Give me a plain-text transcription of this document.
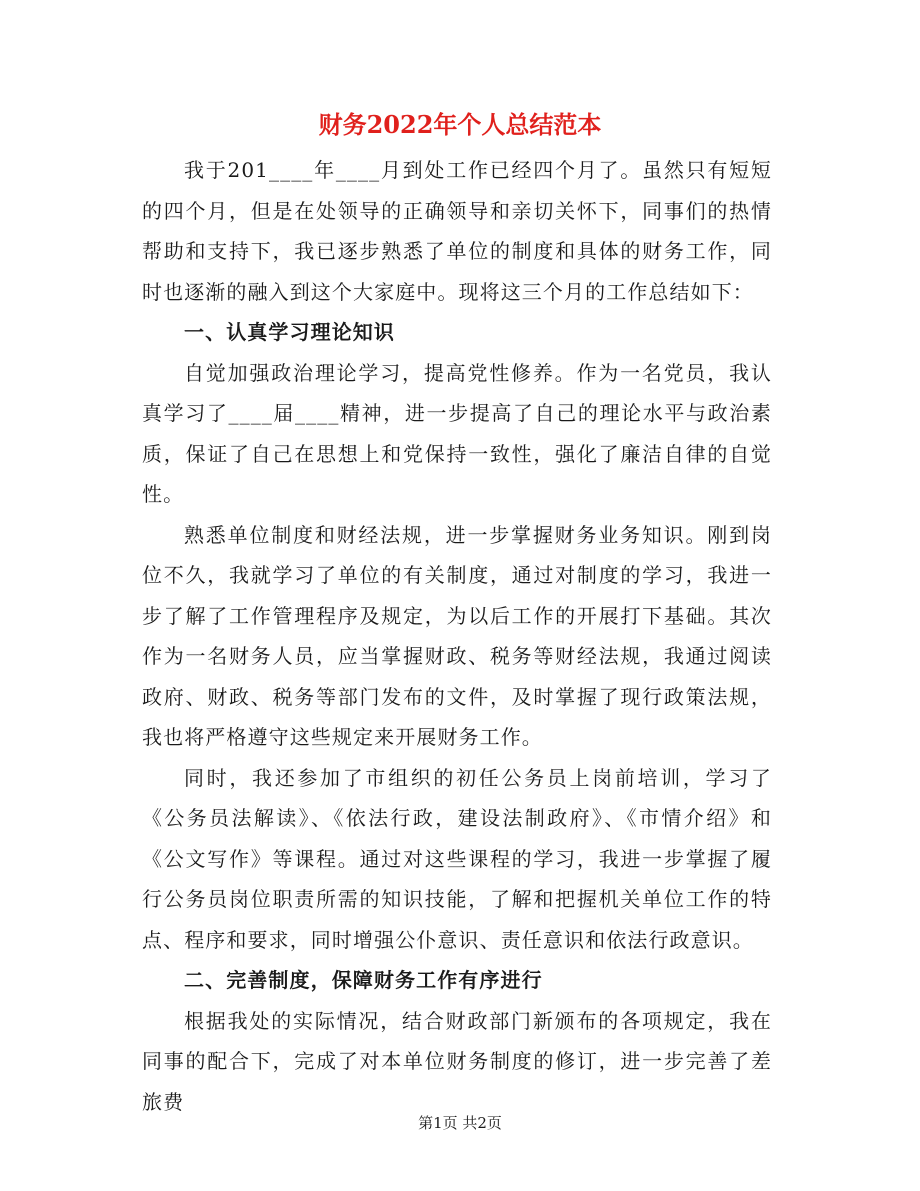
财务2022年个人总结范本

我于201____年____月到处工作已经四个月了。虽然只有短短的四个月，但是在处领导的正确领导和亲切关怀下，同事们的热情帮助和支持下，我已逐步熟悉了单位的制度和具体的财务工作，同时也逐渐的融入到这个大家庭中。现将这三个月的工作总结如下：

一、认真学习理论知识

自觉加强政治理论学习，提高党性修养。作为一名党员，我认真学习了____届____精神，进一步提高了自己的理论水平与政治素质，保证了自己在思想上和党保持一致性，强化了廉洁自律的自觉性。

熟悉单位制度和财经法规，进一步掌握财务业务知识。刚到岗位不久，我就学习了单位的有关制度，通过对制度的学习，我进一步了解了工作管理程序及规定，为以后工作的开展打下基础。其次作为一名财务人员，应当掌握财政、税务等财经法规，我通过阅读政府、财政、税务等部门发布的文件，及时掌握了现行政策法规，我也将严格遵守这些规定来开展财务工作。

同时，我还参加了市组织的初任公务员上岗前培训，学习了《公务员法解读》、《依法行政，建设法制政府》、《市情介绍》和《公文写作》等课程。通过对这些课程的学习，我进一步掌握了履行公务员岗位职责所需的知识技能，了解和把握机关单位工作的特点、程序和要求，同时增强公仆意识、责任意识和依法行政意识。

二、完善制度，保障财务工作有序进行

根据我处的实际情况，结合财政部门新颁布的各项规定，我在同事的配合下，完成了对本单位财务制度的修订，进一步完善了差旅费

第1页 共2页
